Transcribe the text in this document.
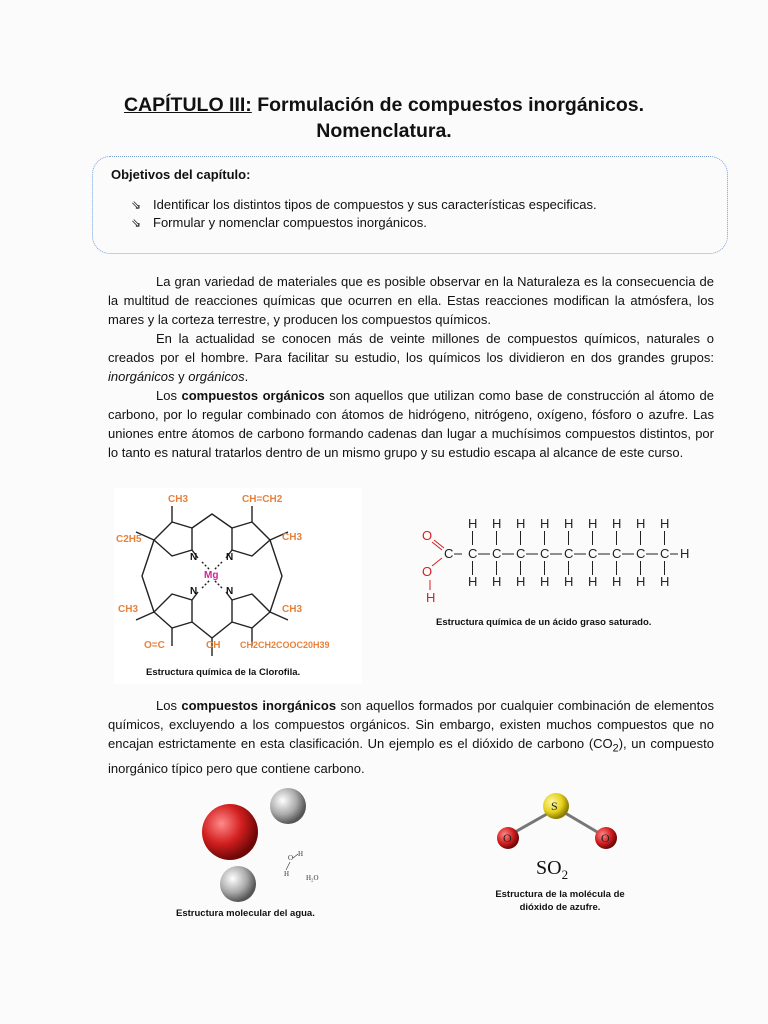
CAPÍTULO III: Formulación de compuestos inorgánicos.
Nomenclatura.
Objetivos del capítulo:
⇘ Identificar los distintos tipos de compuestos y sus características especificas.
⇘ Formular y nomenclar compuestos inorgánicos.

La gran variedad de materiales que es posible observar en la Naturaleza es la consecuencia de la multitud de reacciones químicas que ocurren en ella. Estas reacciones modifican la atmósfera, los mares y la corteza terrestre, y producen los compuestos químicos.

En la actualidad se conocen más de veinte millones de compuestos químicos, naturales o creados por el hombre. Para facilitar su estudio, los químicos los dividieron en dos grandes grupos: inorgánicos y orgánicos.

Los compuestos orgánicos son aquellos que utilizan como base de construcción al átomo de carbono, por lo regular combinado con átomos de hidrógeno, nitrógeno, oxígeno, fósforo o azufre. Las uniones entre átomos de carbono formando cadenas dan lugar a muchísimos compuestos distintos, por lo tanto es natural tratarlos dentro de un mismo grupo y su estudio escapa al alcance de este curso.

CH3	CH=CH2
C2H5	CH3
N	N
Mg
N	N
CH3	CH3
O=C	CH CH2CH2COOC20H39
Estructura química de la Clorofila.
C C
H
H
C
H
H
C
H
H
C
H
H
C
H
H
C
H
H
C
H
H
C
H
H
C
H
H
H
O
O
H
Estructura química de un ácido graso saturado.

Los compuestos inorgánicos son aquellos formados por cualquier combinación de elementos químicos, excluyendo a los compuestos orgánicos. Sin embargo, existen muchos compuestos que no encajan estrictamente en esta clasificación. Un ejemplo es el dióxido de carbono $(CO_2)$, un compuesto inorgánico típico pero que contiene carbono.

O H
H H₂O
Estructura molecular del agua.
S
O	O
$SO_2$
Estructura de la molécula de
dióxido de azufre.
